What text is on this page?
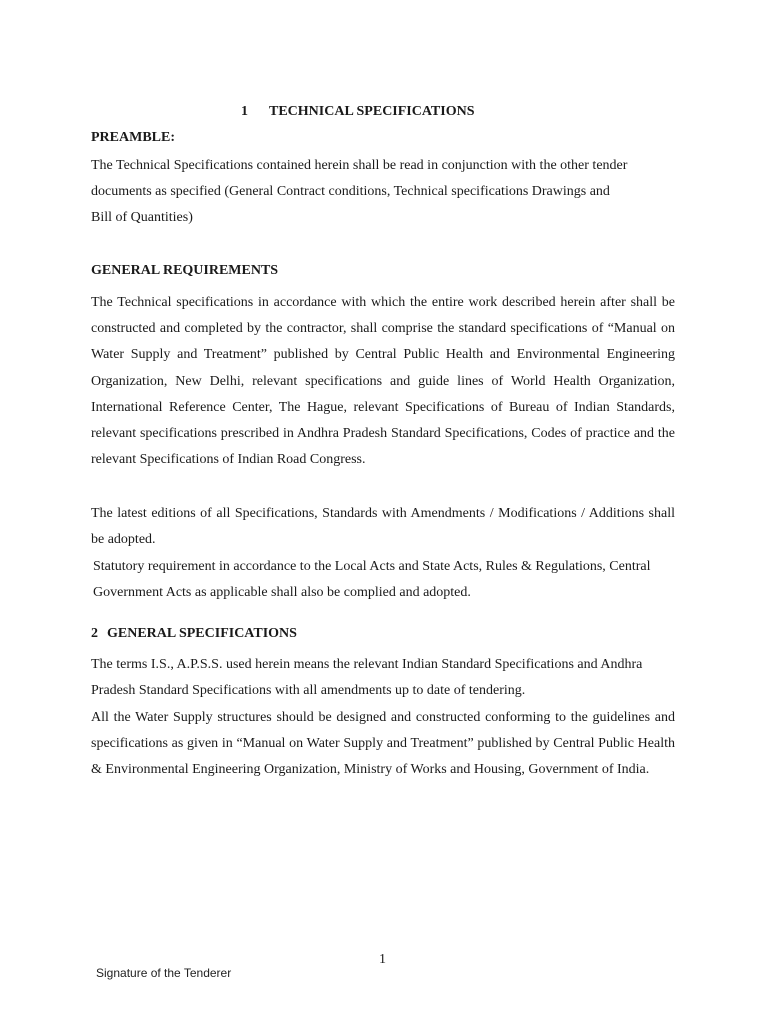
1 TECHNICAL SPECIFICATIONS
PREAMBLE:

The Technical Specifications contained herein shall be read in conjunction with the other tender documents as specified (General Contract conditions, Technical specifications Drawings and Bill of Quantities)

GENERAL REQUIREMENTS

The Technical specifications in accordance with which the entire work described herein after shall be constructed and completed by the contractor, shall comprise the standard specifications of “Manual on Water Supply and Treatment” published by Central Public Health and Environmental Engineering Organization, New Delhi, relevant specifications and guide lines of World Health Organization, International Reference Center, The Hague, relevant Specifications of Bureau of Indian Standards, relevant specifications prescribed in Andhra Pradesh Standard Specifications, Codes of practice and the relevant Specifications of Indian Road Congress.

The latest editions of all Specifications, Standards with Amendments / Modifications / Additions shall be adopted.

Statutory requirement in accordance to the Local Acts and State Acts, Rules & Regulations, Central Government Acts as applicable shall also be complied and adopted.

2 GENERAL SPECIFICATIONS

The terms I.S., A.P.S.S. used herein means the relevant Indian Standard Specifications and Andhra Pradesh Standard Specifications with all amendments up to date of tendering.

All the Water Supply structures should be designed and constructed conforming to the guidelines and specifications as given in “Manual on Water Supply and Treatment” published by Central Public Health & Environmental Engineering Organization, Ministry of Works and Housing, Government of India.

1
Signature of the Tenderer
